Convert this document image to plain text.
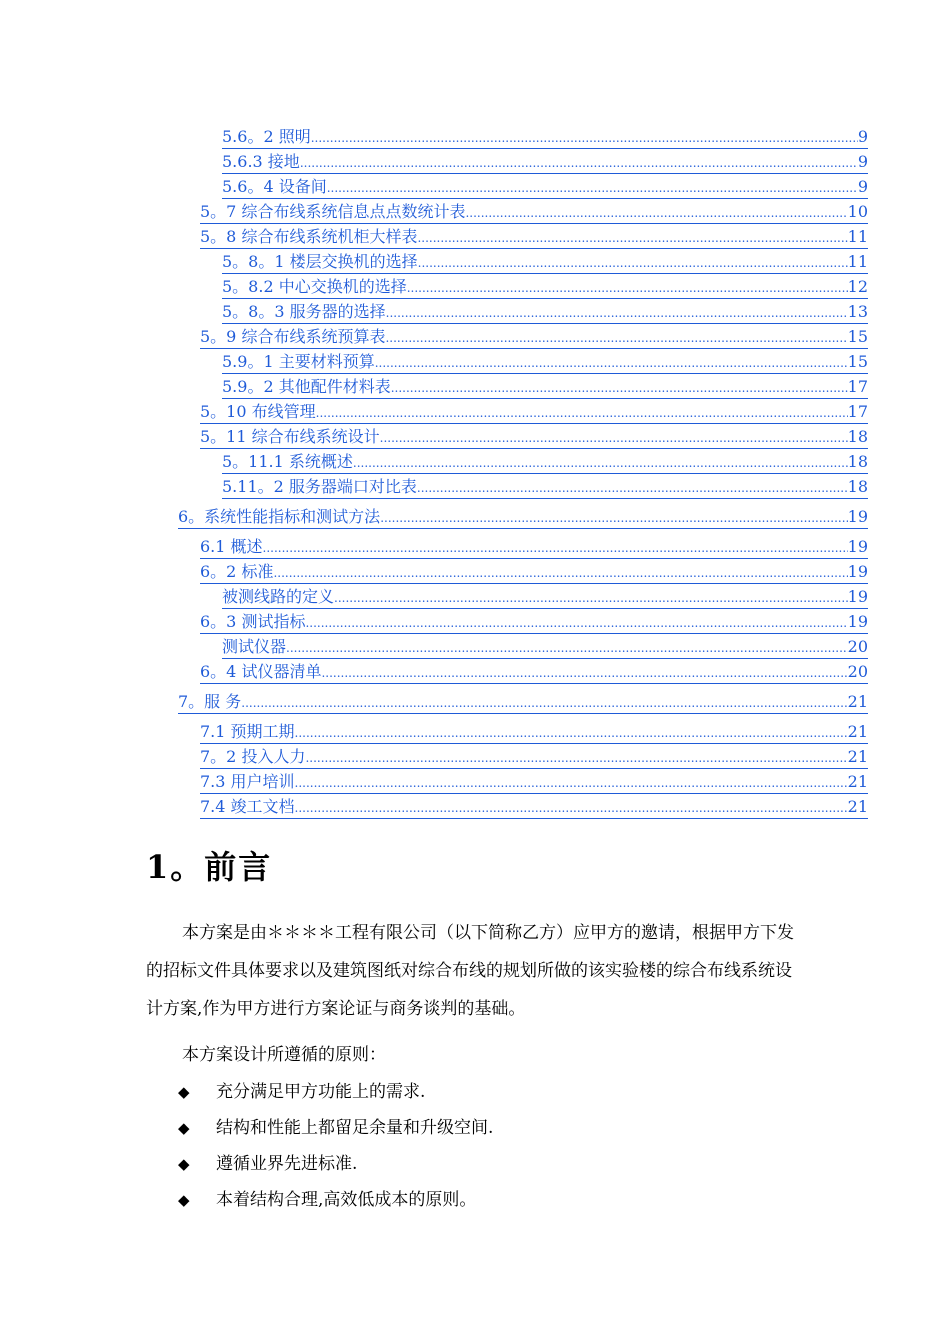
5.6。2 照明 .....	9
5.6.3 接地 .....	9
5.6。4 设备间 .....	9
5。7 综合布线系统信息点点数统计表 .....	10
5。8 综合布线系统机柜大样表 .....	11
5。8。1 楼层交换机的选择 .....	11
5。8.2 中心交换机的选择 .....	12
5。8。3 服务器的选择 .....	13
5。9 综合布线系统预算表 .....	15
5.9。1 主要材料预算 .....	15
5.9。2 其他配件材料表 .....	17
5。10 布线管理 .....	17
5。11 综合布线系统设计 .....	18
5。11.1 系统概述 .....	18
5.11。2 服务器端口对比表 .....	18
6。系统性能指标和测试方法 .....	19
6.1 概述 .....	19
6。2 标准 .....	19
被测线路的定义 .....	19
6。3 测试指标 .....	19
测试仪器 .....	20
6。4 试仪器清单 .....	20
7。服 务 .....	21
7.1 预期工期 .....	21
7。2 投入人力 .....	21
7.3 用户培训 .....	21
7.4 竣工文档 .....	21
1。前言

本方案是由＊＊＊＊工程有限公司（以下简称乙方）应甲方的邀请，根据甲方下发的招标文件具体要求以及建筑图纸对综合布线的规划所做的该实验楼的综合布线系统设计方案,作为甲方进行方案论证与商务谈判的基础。

本方案设计所遵循的原则：

◆	充分满足甲方功能上的需求.
◆	结构和性能上都留足余量和升级空间.
◆	遵循业界先进标准.
◆	本着结构合理,高效低成本的原则。
